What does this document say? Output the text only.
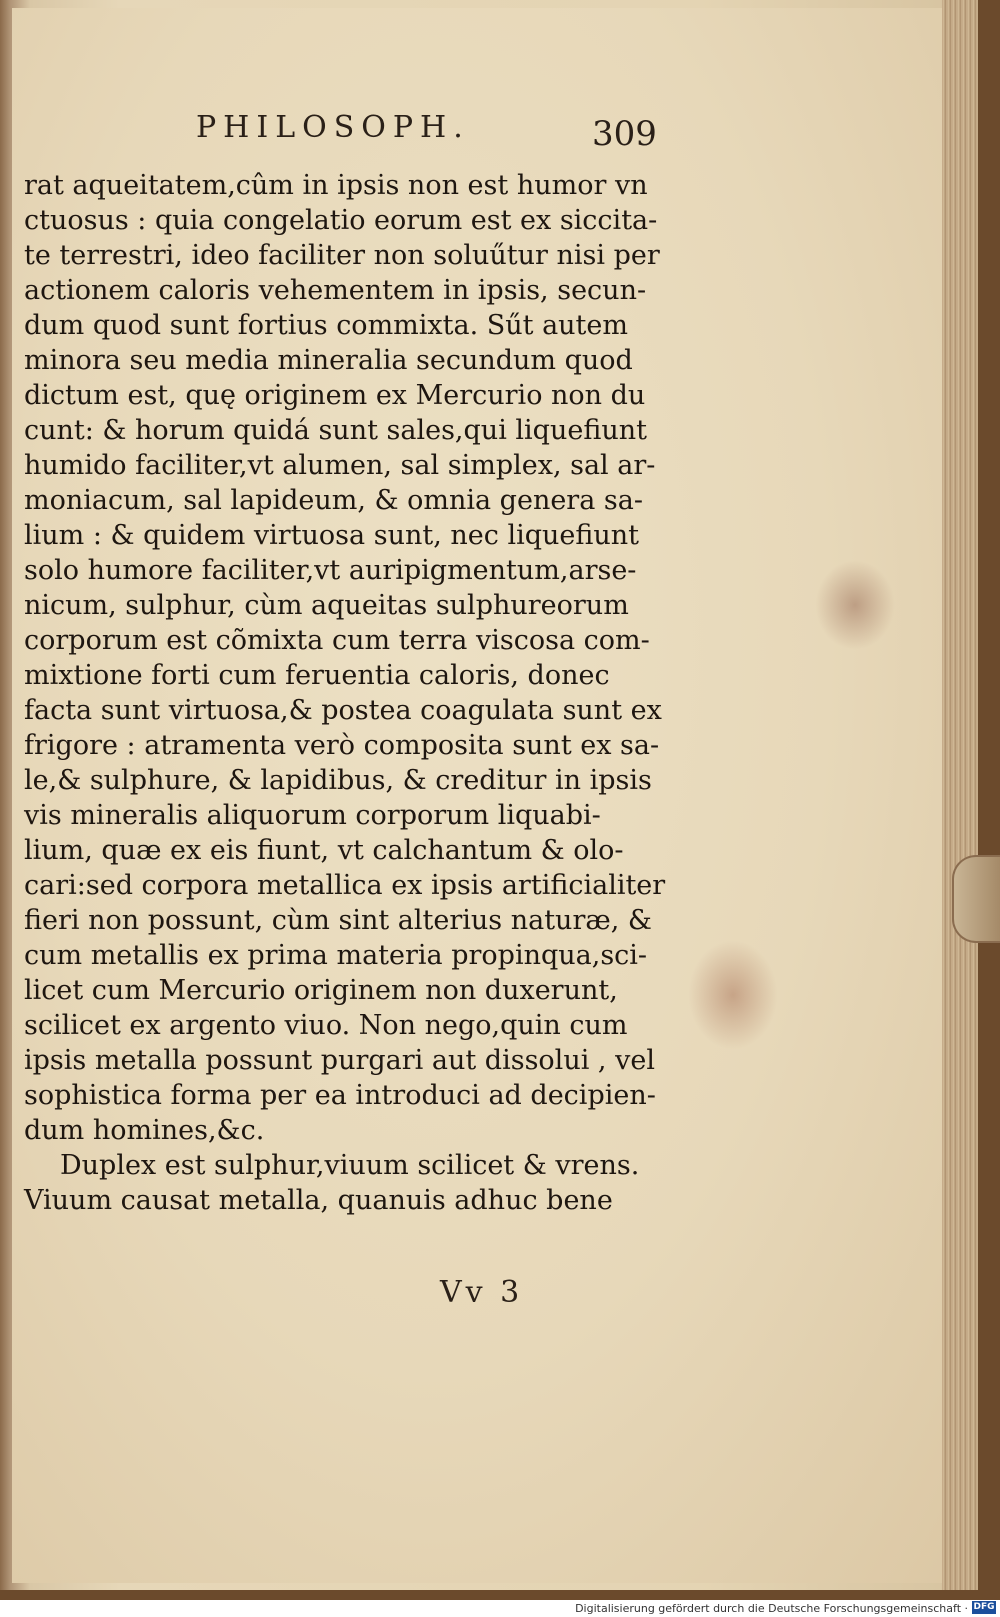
PHILOSOPH.	309
rat aqueitatem,cûm in ipsis non est humor vn
ctuosus : quia congelatio eorum est ex siccita-
te terrestri, ideo faciliter non soluűtur nisi per
actionem caloris vehementem in ipsis, secun-
dum quod sunt fortius commixta. Sűt autem
minora seu media mineralia secundum quod
dictum est, quę originem ex Mercurio non du
cunt: & horum quidá sunt sales,qui liquefiunt
humido faciliter,vt alumen, sal simplex, sal ar-
moniacum, sal lapideum, & omnia genera sa-
lium : & quidem virtuosa sunt, nec liquefiunt
solo humore faciliter,vt auripigmentum,arse-
nicum, sulphur, cùm aqueitas sulphureorum
corporum est cõmixta cum terra viscosa com-
mixtione forti cum feruentia caloris, donec
facta sunt virtuosa,& postea coagulata sunt ex
frigore : atramenta verò composita sunt ex sa-
le,& sulphure, & lapidibus, & creditur in ipsis
vis mineralis aliquorum corporum liquabi-
lium, quæ ex eis fiunt, vt calchantum & olo-
cari:sed corpora metallica ex ipsis artificialiter
fieri non possunt, cùm sint alterius naturæ, &
cum metallis ex prima materia propinqua,sci-
licet cum Mercurio originem non duxerunt,
scilicet ex argento viuo. Non nego,quin cum
ipsis metalla possunt purgari aut dissolui , vel
sophistica forma per ea introduci ad decipien-
dum homines,&c.
Duplex est sulphur,viuum scilicet & vrens.
Viuum causat metalla, quanuis adhuc bene
Vv 3
Digitalisierung gefördert durch die Deutsche Forschungsgemeinschaft · DFG
